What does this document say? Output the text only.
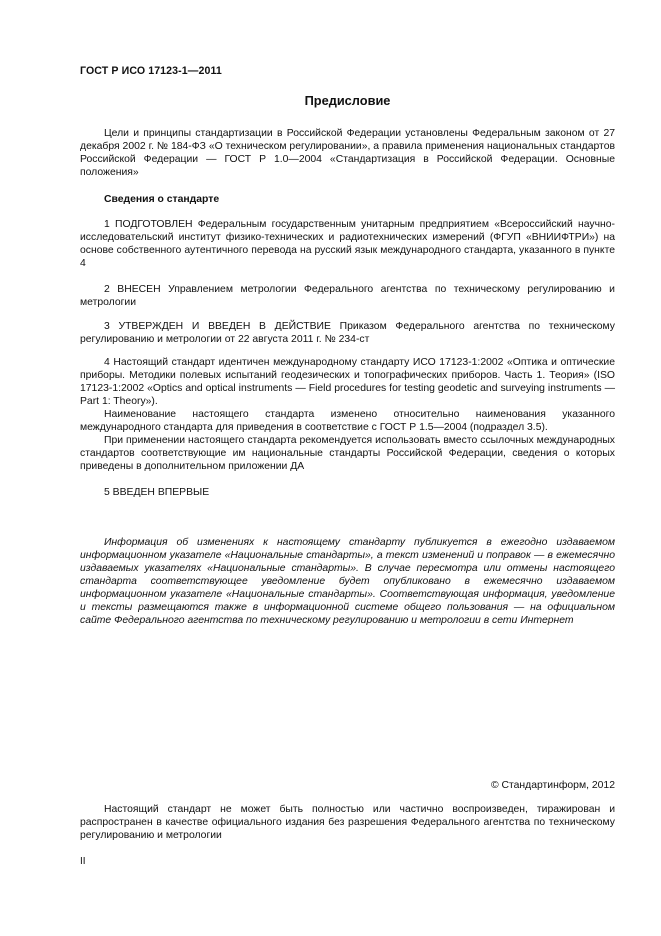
ГОСТ Р ИСО 17123-1—2011
Предисловие

Цели и принципы стандартизации в Российской Федерации установлены Федеральным законом от 27 декабря 2002 г. № 184-ФЗ «О техническом регулировании», а правила применения национальных стандартов Российской Федерации — ГОСТ Р 1.0—2004 «Стандартизация в Российской Федерации. Основные положения»

Сведения о стандарте

1 ПОДГОТОВЛЕН Федеральным государственным унитарным предприятием «Всероссийский научно-исследовательский институт физико-технических и радиотехнических измерений (ФГУП «ВНИИФТРИ») на основе собственного аутентичного перевода на русский язык международного стандарта, указанного в пункте 4

2 ВНЕСЕН Управлением метрологии Федерального агентства по техническому регулированию и метрологии

3 УТВЕРЖДЕН И ВВЕДЕН В ДЕЙСТВИЕ Приказом Федерального агентства по техническому регулированию и метрологии от 22 августа 2011 г. № 234-ст

4 Настоящий стандарт идентичен международному стандарту ИСО 17123-1:2002 «Оптика и оптические приборы. Методики полевых испытаний геодезических и топографических приборов. Часть 1. Теория» (ISO 17123-1:2002 «Optics and optical instruments — Field procedures for testing geodetic and surveying instruments — Part 1: Theory»).

Наименование настоящего стандарта изменено относительно наименования указанного международного стандарта для приведения в соответствие с ГОСТ Р 1.5—2004 (подраздел 3.5).

При применении настоящего стандарта рекомендуется использовать вместо ссылочных международных стандартов соответствующие им национальные стандарты Российской Федерации, сведения о которых приведены в дополнительном приложении ДА

5 ВВЕДЕН ВПЕРВЫЕ

Информация об изменениях к настоящему стандарту публикуется в ежегодно издаваемом информационном указателе «Национальные стандарты», а текст изменений и поправок — в ежемесячно издаваемых указателях «Национальные стандарты». В случае пересмотра или отмены настоящего стандарта соответствующее уведомление будет опубликовано в ежемесячно издаваемом информационном указателе «Национальные стандарты». Соответствующая информация, уведомление и тексты размещаются также в информационной системе общего пользования — на официальном сайте Федерального агентства по техническому регулированию и метрологии в сети Интернет

© Стандартинформ, 2012

Настоящий стандарт не может быть полностью или частично воспроизведен, тиражирован и распространен в качестве официального издания без разрешения Федерального агентства по техническому регулированию и метрологии

II
